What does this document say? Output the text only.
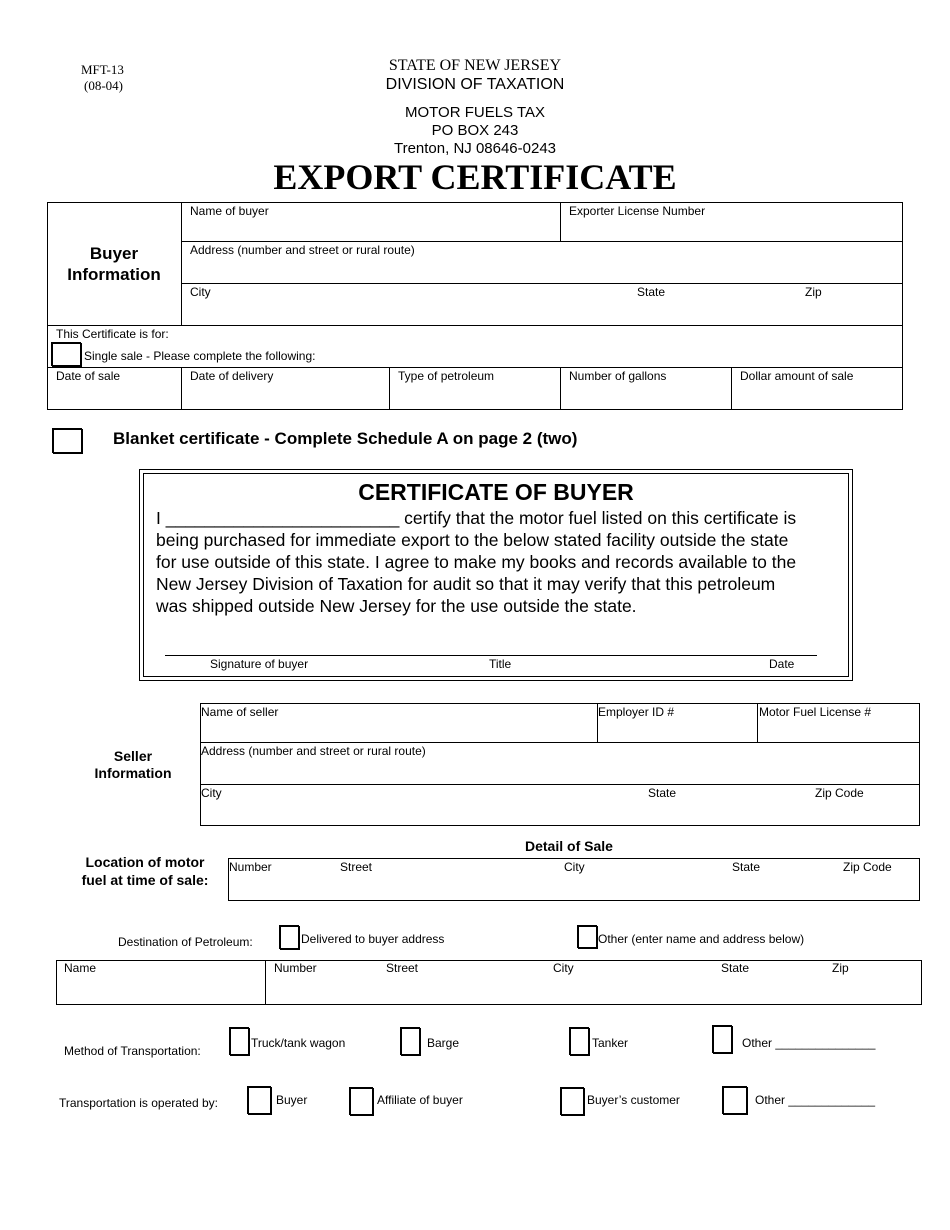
MFT-13
(08-04)
STATE OF NEW JERSEY
DIVISION OF TAXATION
MOTOR FUELS TAX
PO BOX 243
Trenton, NJ 08646-0243
EXPORT CERTIFICATE
Buyer
Information
Name of buyer	Exporter License Number
Address (number and street or rural route)
City	State	Zip
This Certificate is for:
Single sale - Please complete the following:
Date of sale	Date of delivery	Type of petroleum	Number of gallons	Dollar amount of sale
Blanket certificate - Complete Schedule A on page 2 (two)
CERTIFICATE OF BUYER
I ________________________ certify that the motor fuel listed on this certificate is
being purchased for immediate export to the below stated facility outside the state
for use outside of this state. I agree to make my books and records available to the
New Jersey Division of Taxation for audit so that it may verify that this petroleum
was shipped outside New Jersey for the use outside the state.
Signature of buyer	Title	Date
Seller
Information
Name of seller	Employer ID #	Motor Fuel License #
Address (number and street or rural route)
City	State	Zip Code
Detail of Sale
Location of motor
fuel at time of sale:
Number	Street	City	State	Zip Code
Destination of Petroleum:	Delivered to buyer address	Other (enter name and address below)
Name	Number	Street	City	State	Zip
Method of Transportation:
Truck/tank wagon	Barge	Tanker	Other _______________
Transportation is operated by:	Buyer	Affiliate of buyer	Buyer’s customer	Other _____________
